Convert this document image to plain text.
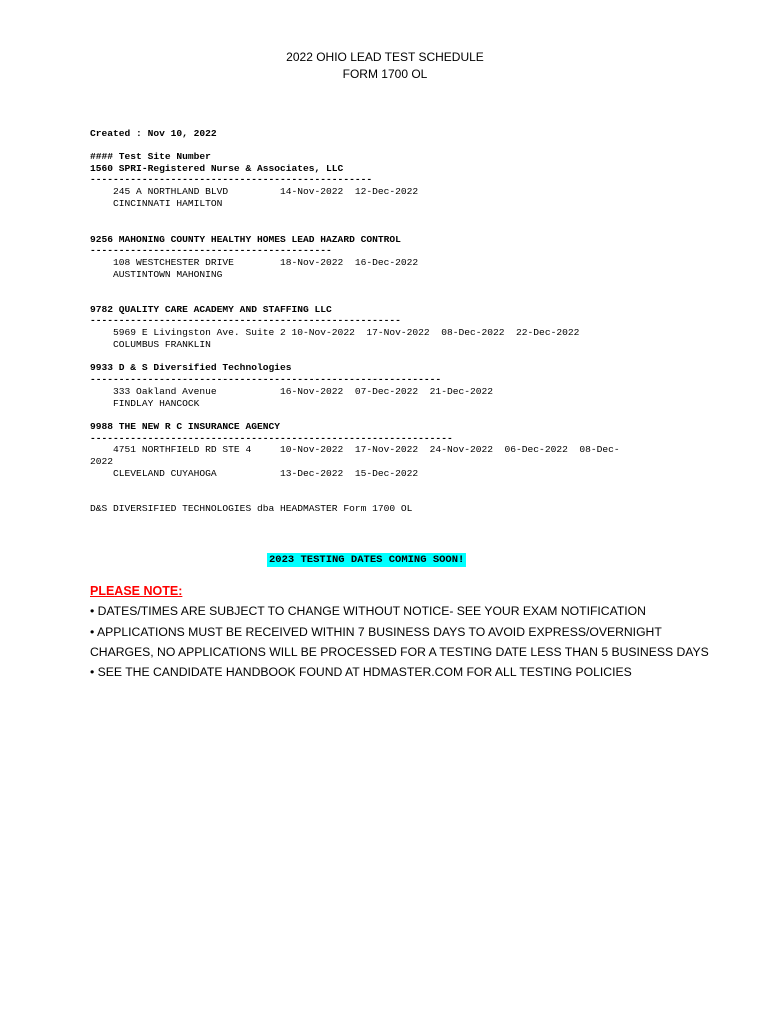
2022 OHIO LEAD TEST SCHEDULE
FORM 1700 OL
Created : Nov 10, 2022
#### Test Site Number
1560 SPRI-Registered Nurse & Associates, LLC
-------------------------------------------------
245 A NORTHLAND BLVD         14-Nov-2022  12-Dec-2022
CINCINNATI HAMILTON
9256 MAHONING COUNTY HEALTHY HOMES LEAD HAZARD CONTROL
------------------------------------------
108 WESTCHESTER DRIVE        18-Nov-2022  16-Dec-2022
AUSTINTOWN MAHONING
9782 QUALITY CARE ACADEMY AND STAFFING LLC
------------------------------------------------------
5969 E Livingston Ave. Suite 2 10-Nov-2022  17-Nov-2022  08-Dec-2022  22-Dec-2022
COLUMBUS FRANKLIN
9933 D & S Diversified Technologies
-------------------------------------------------------------
333 Oakland Avenue           16-Nov-2022  07-Dec-2022  21-Dec-2022
FINDLAY HANCOCK
9988 THE NEW R C INSURANCE AGENCY
---------------------------------------------------------------
4751 NORTHFIELD RD STE 4     10-Nov-2022  17-Nov-2022  24-Nov-2022  06-Dec-2022  08-Dec-
2022
CLEVELAND CUYAHOGA           13-Dec-2022  15-Dec-2022
D&S DIVERSIFIED TECHNOLOGIES dba HEADMASTER Form 1700 OL
2023 TESTING DATES COMING SOON!
PLEASE NOTE:
• DATES/TIMES ARE SUBJECT TO CHANGE WITHOUT NOTICE- SEE YOUR EXAM NOTIFICATION
• APPLICATIONS MUST BE RECEIVED WITHIN 7 BUSINESS DAYS TO AVOID EXPRESS/OVERNIGHT
CHARGES, NO APPLICATIONS WILL BE PROCESSED FOR A TESTING DATE LESS THAN 5 BUSINESS DAYS
• SEE THE CANDIDATE HANDBOOK FOUND AT HDMASTER.COM FOR ALL TESTING POLICIES
